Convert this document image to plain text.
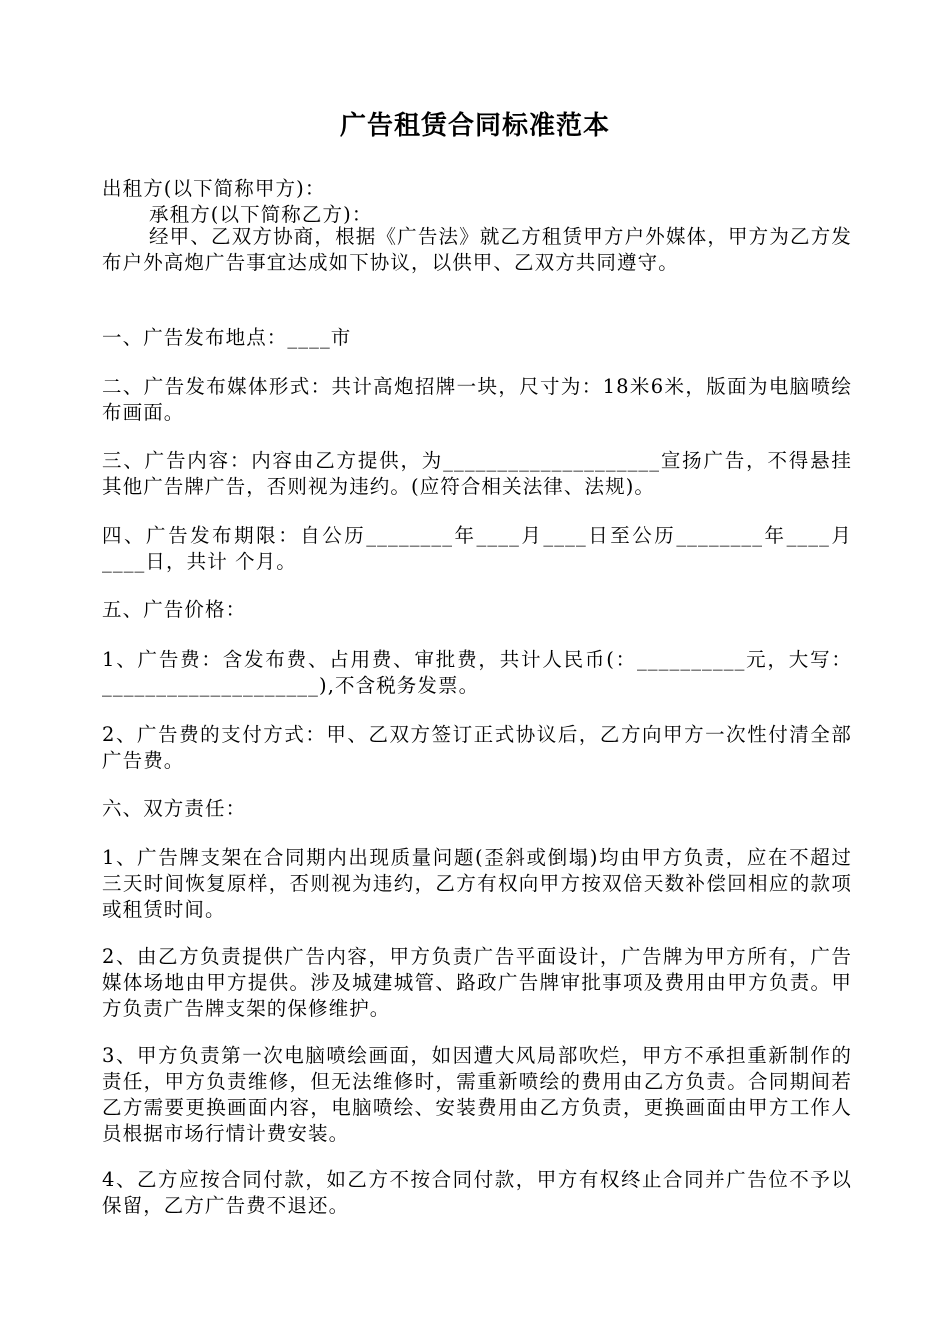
广告租赁合同标准范本
出租方(以下简称甲方)：
承租方(以下简称乙方)：
经甲、乙双方协商，根据《广告法》就乙方租赁甲方户外媒体，甲方为乙方发布户外高炮广告事宜达成如下协议，以供甲、乙双方共同遵守。
一、广告发布地点：____市
二、广告发布媒体形式：共计高炮招牌一块，尺寸为：18米6米，版面为电脑喷绘布画面。
三、广告内容：内容由乙方提供，为____________________宣扬广告，不得悬挂其他广告牌广告，否则视为违约。(应符合相关法律、法规)。
四、广告发布期限：自公历________年____月____日至公历________年____月____日，共计 个月。
五、广告价格：
1、广告费：含发布费、占用费、审批费，共计人民币(：__________元，大写：____________________),不含税务发票。
2、广告费的支付方式：甲、乙双方签订正式协议后，乙方向甲方一次性付清全部广告费。
六、双方责任：
1、广告牌支架在合同期内出现质量问题(歪斜或倒塌)均由甲方负责，应在不超过三天时间恢复原样，否则视为违约，乙方有权向甲方按双倍天数补偿回相应的款项或租赁时间。
2、由乙方负责提供广告内容，甲方负责广告平面设计，广告牌为甲方所有，广告媒体场地由甲方提供。涉及城建城管、路政广告牌审批事项及费用由甲方负责。甲方负责广告牌支架的保修维护。
3、甲方负责第一次电脑喷绘画面，如因遭大风局部吹烂，甲方不承担重新制作的责任，甲方负责维修，但无法维修时，需重新喷绘的费用由乙方负责。合同期间若乙方需要更换画面内容，电脑喷绘、安装费用由乙方负责，更换画面由甲方工作人员根据市场行情计费安装。
4、乙方应按合同付款，如乙方不按合同付款，甲方有权终止合同并广告位不予以保留，乙方广告费不退还。
